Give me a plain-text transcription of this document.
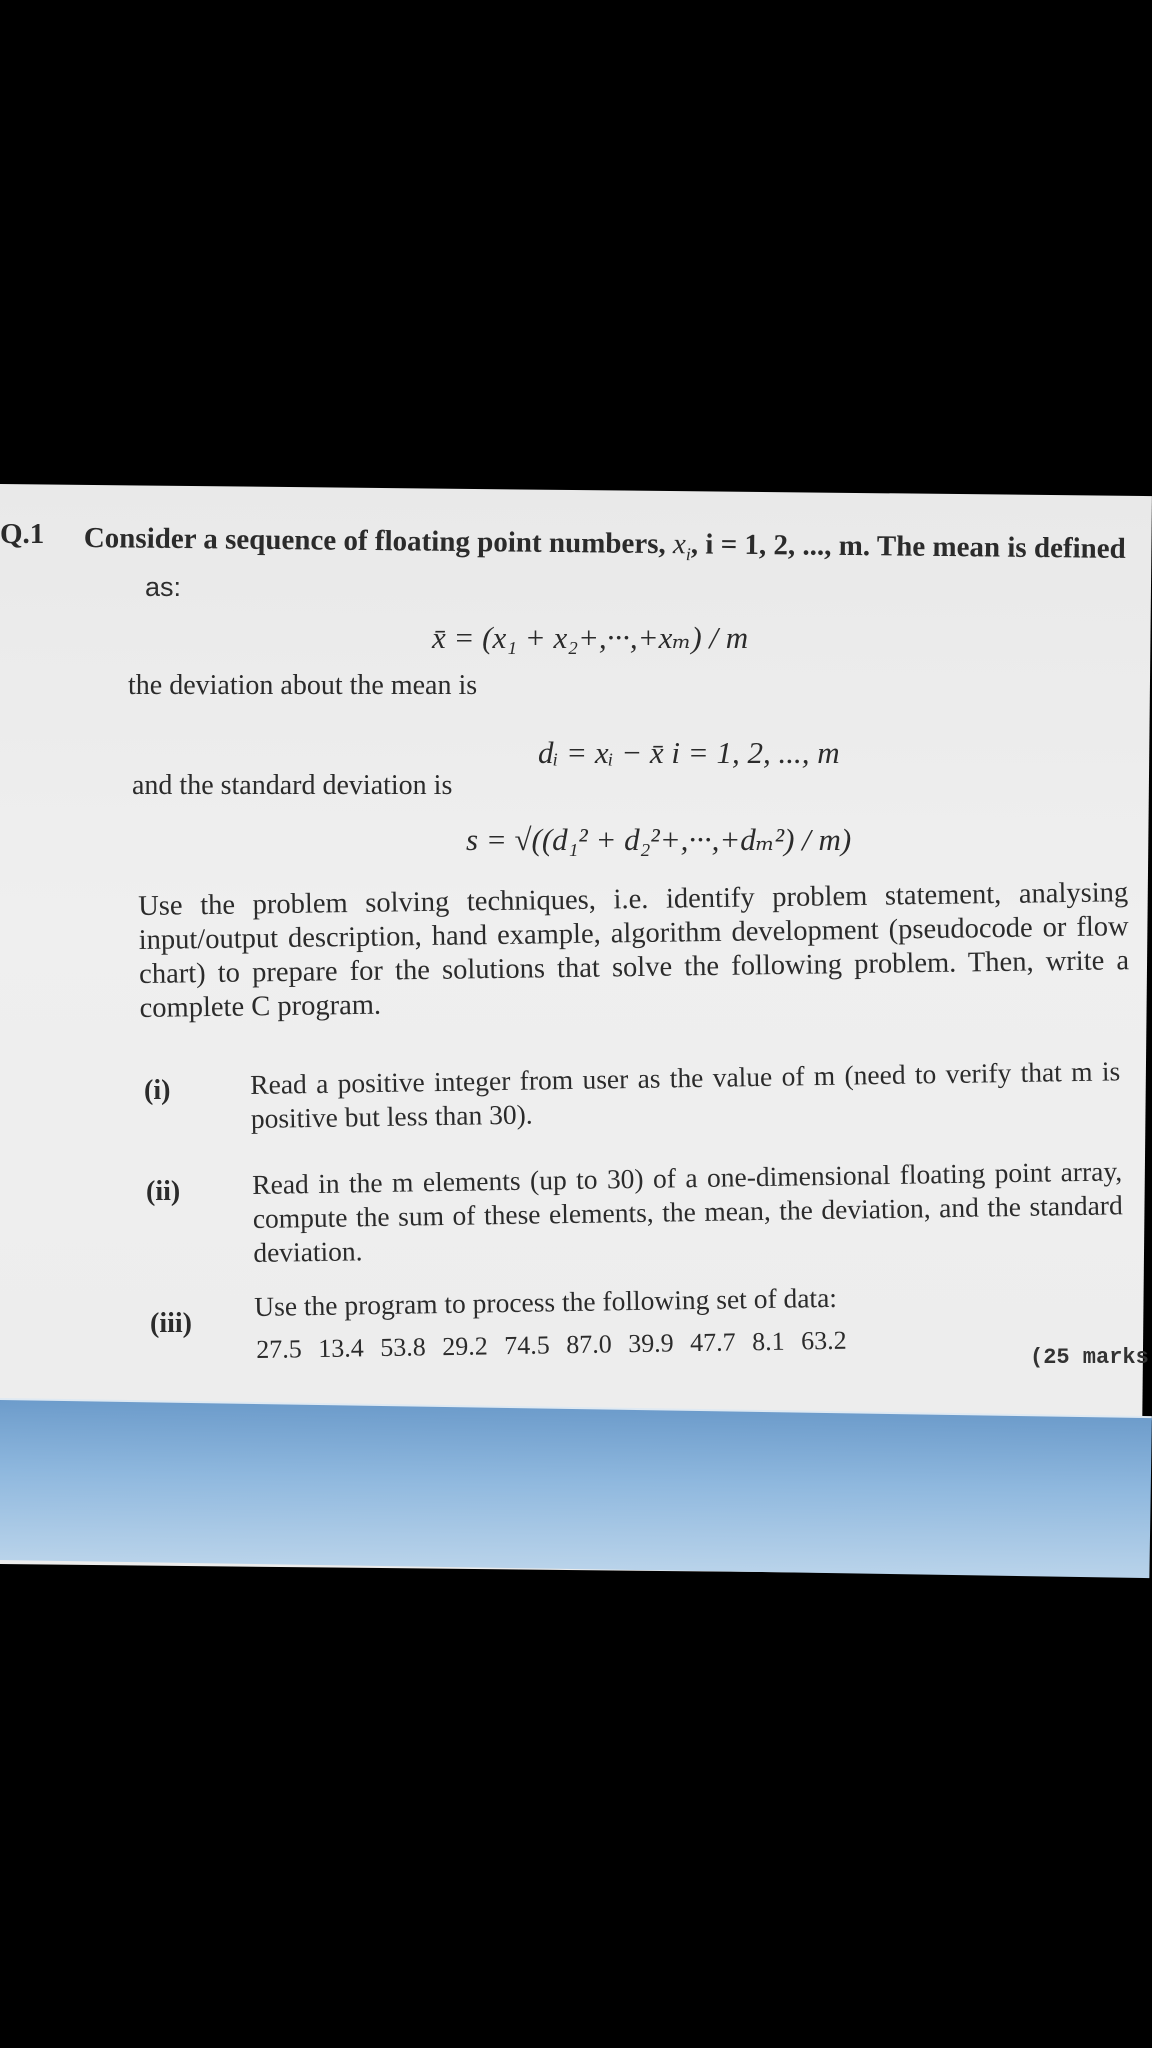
Q.1 Consider a sequence of floating point numbers, $x_i$, i = 1, 2, ..., m. The mean is defined
as:
x̄ = (x₁ + x₂+,···,+xₘ) / m
the deviation about the mean is
dᵢ = xᵢ − x̄ i = 1, 2, ..., m
and the standard deviation is
s = √((d₁² + d₂²+,···,+dₘ²) / m)
Use the problem solving techniques, i.e. identify problem statement, analysing input/output description, hand example, algorithm development (pseudocode or flow chart) to prepare for the solutions that solve the following problem. Then, write a complete C program.
(i)	Read a positive integer from user as the value of m (need to verify that m is positive but less than 30).
(ii)	Read in the m elements (up to 30) of a one-dimensional floating point array, compute the sum of these elements, the mean, the deviation, and the standard deviation.
(iii)
Use the program to process the following set of data:
27.5 13.4 53.8 29.2 74.5 87.0 39.9 47.7 8.1 63.2
(25 marks
